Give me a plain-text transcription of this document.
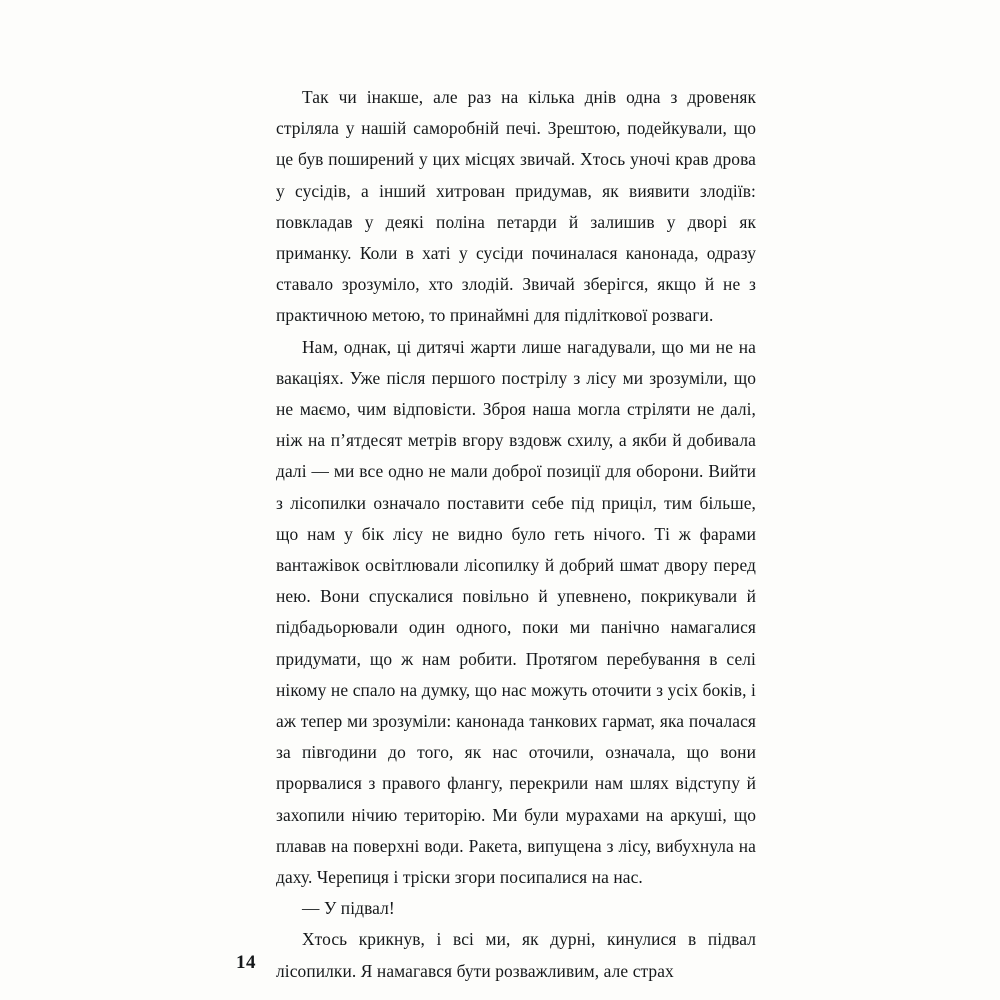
Так чи інакше, але раз на кілька днів одна з дровеняк стріляла у нашій саморобній печі. Зрештою, подейкували, що це був поширений у цих місцях звичай. Хтось уночі крав дрова у сусідів, а інший хитрован придумав, як виявити злодіїв: повкладав у деякі поліна петарди й залишив у дворі як приманку. Коли в хаті у сусіди починалася канонада, одразу ставало зрозуміло, хто злодій. Звичай зберігся, якщо й не з практичною метою, то принаймні для підліткової розваги.

Нам, однак, ці дитячі жарти лише нагадували, що ми не на вакаціях. Уже після першого пострілу з лісу ми зрозуміли, що не маємо, чим відповісти. Зброя наша могла стріляти не далі, ніж на п’ятдесят метрів вгору вздовж схилу, а якби й добивала далі — ми все одно не мали доброї позиції для оборони. Вийти з лісопилки означало поставити себе під приціл, тим більше, що нам у бік лісу не видно було геть нічого. Ті ж фарами вантажівок освітлювали лісопилку й добрий шмат двору перед нею. Вони спускалися повільно й упевнено, покрикували й підбадьорювали один одного, поки ми панічно намагалися придумати, що ж нам робити. Протягом перебування в селі нікому не спало на думку, що нас можуть оточити з усіх боків, і аж тепер ми зрозуміли: канонада танкових гармат, яка почалася за півгодини до того, як нас оточили, означала, що вони прорвалися з правого флангу, перекрили нам шлях відступу й захопили нічию територію. Ми були мурахами на аркуші, що плавав на поверхні води. Ракета, випущена з лісу, вибухнула на даху. Черепиця і тріски згори посипалися на нас.

— У підвал!

Хтось крикнув, і всі ми, як дурні, кинулися в підвал лісопилки. Я намагався бути розважливим, але страх

14
